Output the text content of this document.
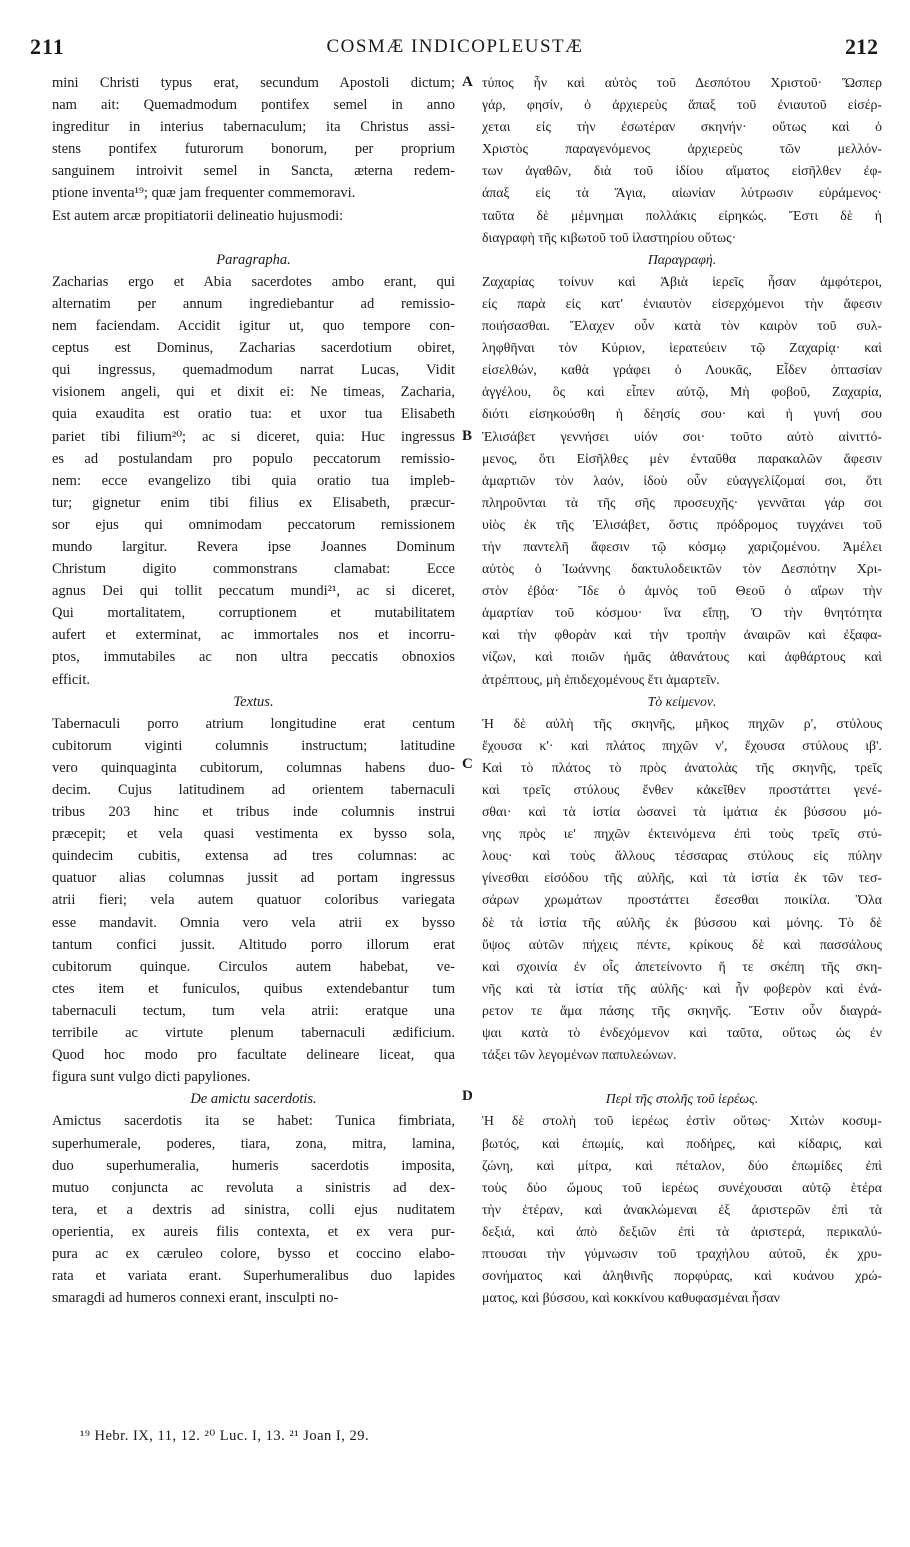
211	COSMÆ INDICOPLEUSTÆ	212
mini Christi typus erat, secundum Apostoli dictum;
nam ait: Quemadmodum pontifex semel in anno
ingreditur in interius tabernaculum; ita Christus assi-
stens pontifex futurorum bonorum, per proprium
sanguinem introivit semel in Sancta, æterna redem-
ptione inventa¹⁹; quæ jam frequenter commemoravi.
Est autem arcæ propitiatorii delineatio hujusmodi:
Paragrapha.
Zacharias ergo et Abia sacerdotes ambo erant, qui
alternatim per annum ingrediebantur ad remissio-
nem faciendam. Accidit igitur ut, quo tempore con-
ceptus est Dominus, Zacharias sacerdotium obiret,
qui ingressus, quemadmodum narrat Lucas, Vidit
visionem angeli, qui et dixit ei: Ne timeas, Zacharia,
quia exaudita est oratio tua: et uxor tua Elisabeth
pariet tibi filium²⁰; ac si diceret, quia: Huc ingressus
es ad postulandam pro populo peccatorum remissio-
nem: ecce evangelizo tibi quia oratio tua impleb-
tur; gignetur enim tibi filius ex Elisabeth, præcur-
sor ejus qui omnimodam peccatorum remissionem
mundo largitur. Revera ipse Joannes Dominum
Christum digito commonstrans clamabat: Ecce
agnus Dei qui tollit peccatum mundi²¹, ac si diceret,
Qui mortalitatem, corruptionem et mutabilitatem
aufert et exterminat, ac immortales nos et incorru-
ptos, immutabiles ac non ultra peccatis obnoxios
efficit.
Textus.
Tabernaculi porro atrium longitudine erat centum
cubitorum viginti columnis instructum; latitudine
vero quinquaginta cubitorum, columnas habens duo-
decim. Cujus latitudinem ad orientem tabernaculi
tribus 203 hinc et tribus inde columnis instrui
præcepit; et vela quasi vestimenta ex bysso sola,
quindecim cubitis, extensa ad tres columnas: ac
quatuor alias columnas jussit ad portam ingressus
atrii fieri; vela autem quatuor coloribus variegata
esse mandavit. Omnia vero vela atrii ex bysso
tantum confici jussit. Altitudo porro illorum erat
cubitorum quinque. Circulos autem habebat, ve-
ctes item et funiculos, quibus extendebantur tum
tabernaculi tectum, tum vela atrii: eratque una
terribile ac virtute plenum tabernaculi ædificium.
Quod hoc modo pro facultate delineare liceat, qua
figura sunt vulgo dicti papyliones.
De amictu sacerdotis.
Amictus sacerdotis ita se habet: Tunica fimbriata,
superhumerale, poderes, tiara, zona, mitra, lamina,
duo superhumeralia, humeris sacerdotis imposita,
mutuo conjuncta ac revoluta a sinistris ad dex-
tera, et a dextris ad sinistra, colli ejus nuditatem
operientia, ex aureis filis contexta, et ex vera pur-
pura ac ex cæruleo colore, bysso et coccino elabo-
rata et variata erant. Superhumeralibus duo lapides
smaragdi ad humeros connexi erant, insculpti no-
τύπος ἦν καὶ αὐτὸς τοῦ Δεσπότου Χριστοῦ· Ὥσπερ
γάρ, φησίν, ὁ ἀρχιερεὺς ἅπαξ τοῦ ἐνιαυτοῦ εἰσέρ-
χεται εἰς τὴν ἐσωτέραν σκηνήν· οὕτως καὶ ὁ
Χριστὸς παραγενόμενος ἀρχιερεὺς τῶν μελλόν-
των ἀγαθῶν, διὰ τοῦ ἰδίου αἵματος εἰσῆλθεν ἐφ-
άπαξ εἰς τὰ Ἅγια, αἰωνίαν λύτρωσιν εὑράμενος·
ταῦτα δὲ μέμνημαι πολλάκις εἰρηκώς. Ἔστι δὲ ἡ
διαγραφὴ τῆς κιβωτοῦ τοῦ ἱλαστηρίου οὕτως·
Παραγραφή.
Ζαχαρίας τοίνυν καὶ Ἀβιὰ ἱερεῖς ἦσαν ἀμφότεροι,
εἰς παρὰ εἰς κατ' ἐνιαυτὸν εἰσερχόμενοι τὴν ἄφεσιν
ποιήσασθαι. Ἔλαχεν οὖν κατὰ τὸν καιρὸν τοῦ συλ-
ληφθῆναι τὸν Κύριον, ἱερατεύειν τῷ Ζαχαρίᾳ· καὶ
εἰσελθών, καθὰ γράφει ὁ Λουκᾶς, Εἶδεν ὀπτασίαν
ἀγγέλου, ὃς καὶ εἶπεν αὐτῷ, Μὴ φοβοῦ, Ζαχαρία,
διότι εἰσηκούσθη ἡ δέησίς σου· καὶ ἡ γυνή σου
Ἐλισάβετ γεννήσει υἱόν σοι· τοῦτο αὐτὸ αἰνιττό-
μενος, ὅτι Εἰσῆλθες μὲν ἐνταῦθα παρακαλῶν ἄφεσιν
ἁμαρτιῶν τὸν λαόν, ἰδοὺ οὖν εὐαγγελίζομαί σοι, ὅτι
πληροῦνται τὰ τῆς σῆς προσευχῆς· γεννᾶται γάρ σοι
υἱὸς ἐκ τῆς Ἐλισάβετ, ὅστις πρόδρομος τυγχάνει τοῦ
τὴν παντελῆ ἄφεσιν τῷ κόσμῳ χαριζομένου. Ἀμέλει
αὐτὸς ὁ Ἰωάννης δακτυλοδεικτῶν τὸν Δεσπότην Χρι-
στὸν ἐβόα· Ἴδε ὁ ἀμνὸς τοῦ Θεοῦ ὁ αἴρων τὴν
ἁμαρτίαν τοῦ κόσμου· ἵνα εἴπῃ, Ὁ τὴν θνητότητα
καὶ τὴν φθορὰν καὶ τὴν τροπὴν ἀναιρῶν καὶ ἐξαφα-
νίζων, καὶ ποιῶν ἡμᾶς ἀθανάτους καὶ ἀφθάρτους καὶ
ἀτρέπτους, μὴ ἐπιδεχομένους ἔτι ἁμαρτεῖν.
Τὸ κείμενον.
Ἡ δὲ αὐλὴ τῆς σκηνῆς, μῆκος πηχῶν ρ', στύλους
ἔχουσα κ'· καὶ πλάτος πηχῶν ν', ἔχουσα στύλους ιβ'.
Καὶ τὸ πλάτος τὸ πρὸς ἀνατολὰς τῆς σκηνῆς, τρεῖς
καὶ τρεῖς στύλους ἔνθεν κἀκεῖθεν προστάττει γενέ-
σθαι· καὶ τὰ ἱστία ὡσανεὶ τὰ ἱμάτια ἐκ βύσσου μό-
νης πρὸς ιε' πηχῶν ἐκτεινόμενα ἐπὶ τοὺς τρεῖς στύ-
λους· καὶ τοὺς ἄλλους τέσσαρας στύλους εἰς πύλην
γίνεσθαι εἰσόδου τῆς αὐλῆς, καὶ τὰ ἱστία ἐκ τῶν τεσ-
σάρων χρωμάτων προστάττει ἔσεσθαι ποικίλα. Ὅλα
δὲ τὰ ἱστία τῆς αὐλῆς ἐκ βύσσου καὶ μόνης. Τὸ δὲ
ὕψος αὐτῶν πήχεις πέντε, κρίκους δὲ καὶ πασσάλους
καὶ σχοινία ἐν οἷς ἀπετείνοντο ἥ τε σκέπη τῆς σκη-
νῆς καὶ τὰ ἱστία τῆς αὐλῆς· καὶ ἦν φοβερὸν καὶ ἐνά-
ρετον τε ἅμα πάσης τῆς σκηνῆς. Ἔστιν οὖν διαγρά-
ψαι κατὰ τὸ ἐνδεχόμενον καὶ ταῦτα, οὕτως ὡς ἐν
τάξει τῶν λεγομένων παπυλεώνων.
Περὶ τῆς στολῆς τοῦ ἱερέως.
Ἡ δὲ στολὴ τοῦ ἱερέως ἐστὶν οὕτως· Χιτὼν κοσυμ-
βωτός, καὶ ἐπωμίς, καὶ ποδήρες, καὶ κίδαρις, καὶ
ζώνη, καὶ μίτρα, καὶ πέταλον, δύο ἐπωμίδες ἐπὶ
τοὺς δύο ὤμους τοῦ ἱερέως συνέχουσαι αὐτῷ ἑτέρα
τὴν ἑτέραν, καὶ ἀνακλώμεναι ἐξ ἀριστερῶν ἐπὶ τὰ
δεξιά, καὶ ἀπὸ δεξιῶν ἐπὶ τὰ ἀριστερά, περικαλύ-
πτουσαι τὴν γύμνωσιν τοῦ τραχήλου αὐτοῦ, ἐκ χρυ-
σονήματος καὶ ἀληθινῆς πορφύρας, καὶ κυάνου χρώ-
ματος, καὶ βύσσου, καὶ κοκκίνου καθυφασμέναι ἦσαν
A
B
C
D
¹⁹ Hebr. IX, 11, 12. ²⁰ Luc. I, 13. ²¹ Joan I, 29.
